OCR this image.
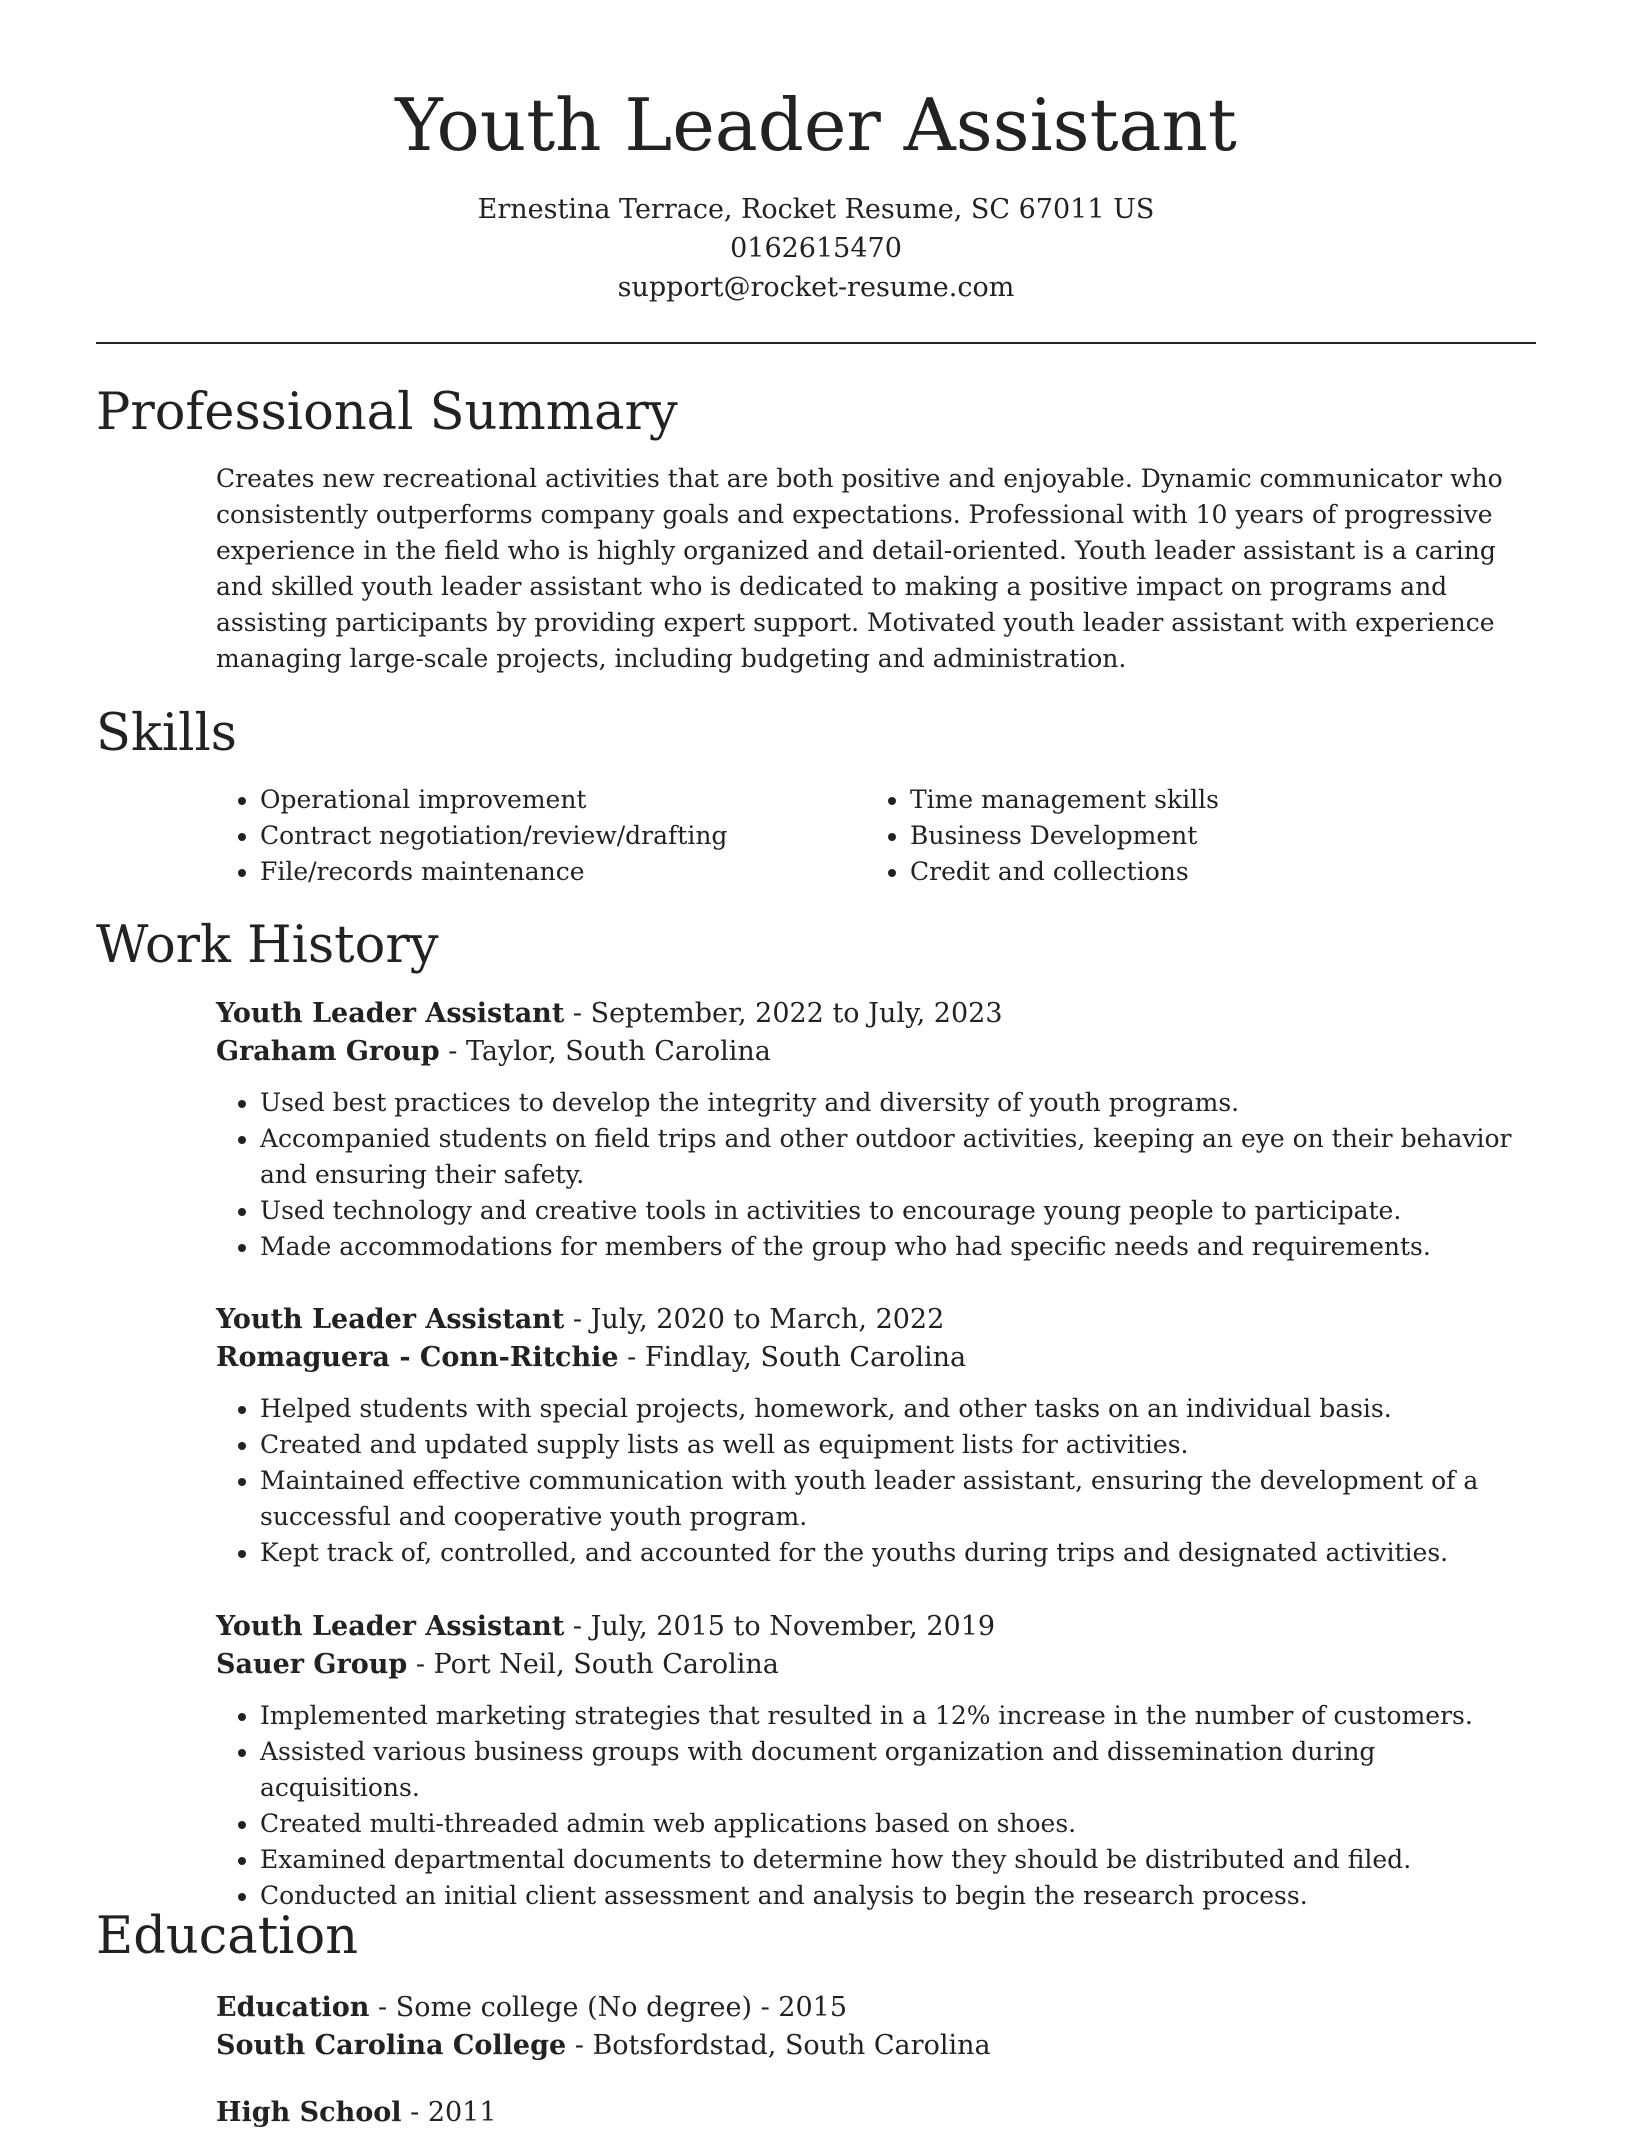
Youth Leader Assistant
Ernestina Terrace, Rocket Resume, SC 67011 US
0162615470
support@rocket-resume.com
Professional Summary

Creates new recreational activities that are both positive and enjoyable. Dynamic communicator who consistently outperforms company goals and expectations. Professional with 10 years of progressive experience in the field who is highly organized and detail-oriented. Youth leader assistant is a caring and skilled youth leader assistant who is dedicated to making a positive impact on programs and assisting participants by providing expert support. Motivated youth leader assistant with experience managing large-scale projects, including budgeting and administration.

Skills
• Operational improvement
• Contract negotiation/review/drafting
• File/records maintenance
• Time management skills
• Business Development
• Credit and collections
Work History
Youth Leader Assistant - September, 2022 to July, 2023
Graham Group - Taylor, South Carolina
• Used best practices to develop the integrity and diversity of youth programs.
• Accompanied students on field trips and other outdoor activities, keeping an eye on their behavior and ensuring their safety.
• Used technology and creative tools in activities to encourage young people to participate.
• Made accommodations for members of the group who had specific needs and requirements.
Youth Leader Assistant - July, 2020 to March, 2022
Romaguera - Conn-Ritchie - Findlay, South Carolina
• Helped students with special projects, homework, and other tasks on an individual basis.
• Created and updated supply lists as well as equipment lists for activities.
• Maintained effective communication with youth leader assistant, ensuring the development of a successful and cooperative youth program.
• Kept track of, controlled, and accounted for the youths during trips and designated activities.
Youth Leader Assistant - July, 2015 to November, 2019
Sauer Group - Port Neil, South Carolina
• Implemented marketing strategies that resulted in a 12% increase in the number of customers.
• Assisted various business groups with document organization and dissemination during acquisitions.
• Created multi-threaded admin web applications based on shoes.
• Examined departmental documents to determine how they should be distributed and filed.
• Conducted an initial client assessment and analysis to begin the research process.
Education
Education - Some college (No degree) - 2015
South Carolina College - Botsfordstad, South Carolina
High School - 2011
